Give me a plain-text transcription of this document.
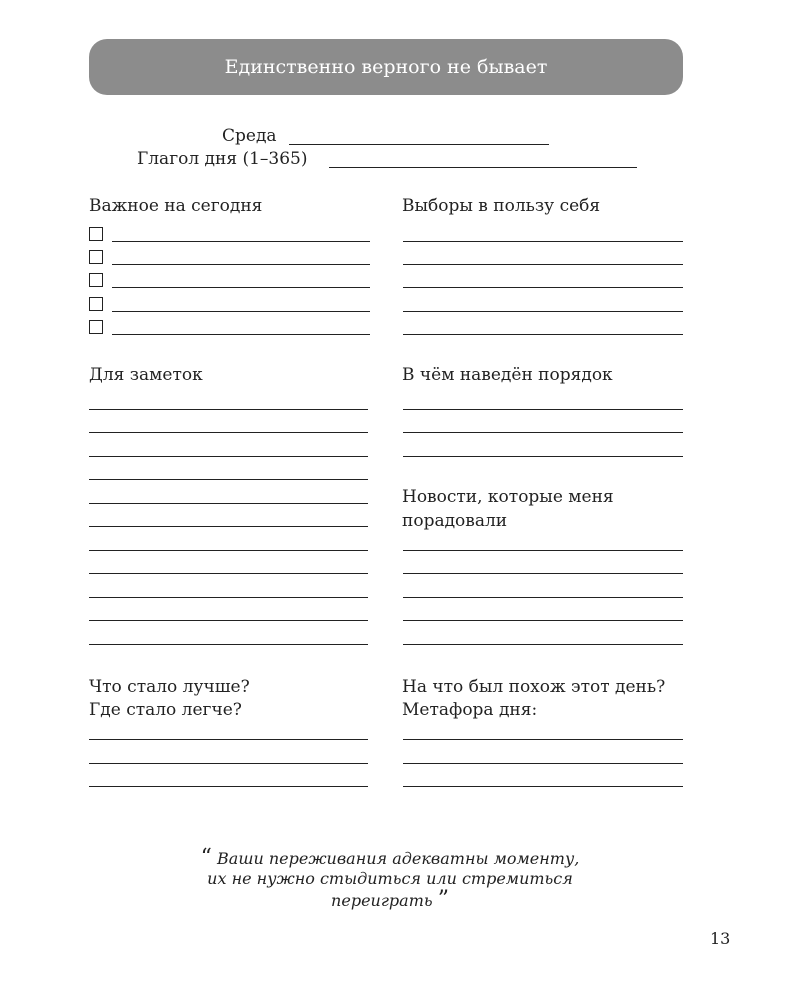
Единственно верного не бывает
Среда
Глагол дня (1–365)
Важное на сегодня	Выборы в пользу себя
Для заметок	В чём наведён порядок
Новости, которые меня
порадовали
Что стало лучше?
Где стало легче?
На что был похож этот день?
Метафора дня:
“ Ваши переживания адекватны моменту,
их не нужно стыдиться или стремиться
переиграть ”
13
